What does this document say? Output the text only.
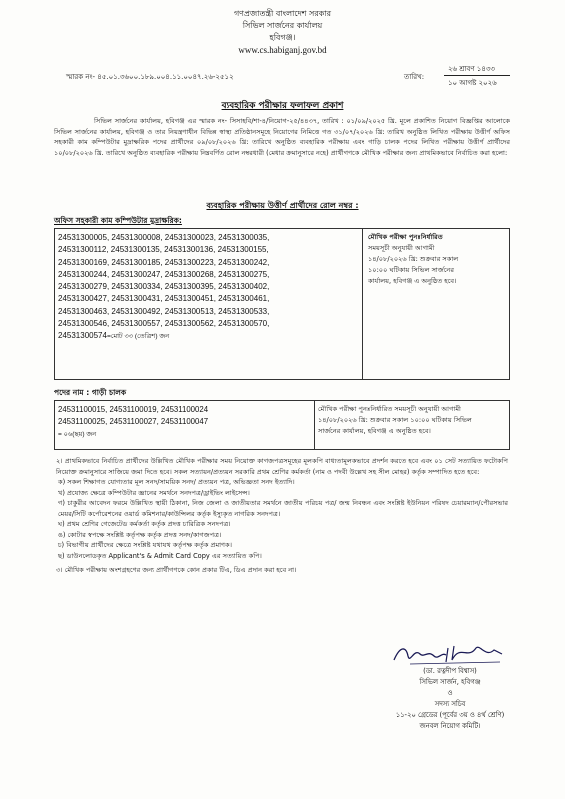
গণপ্রজাতন্ত্রী বাংলাদেশ সরকার
সিভিল সার্জনের কার্যালয়
হবিগঞ্জ।
www.cs.habiganj.gov.bd
স্মারক নং- ৪৫.০১.৩৬০০.১৮৯.০০৪.১১.০০৪৭.২৬-২৫১২	তারিখ:
২৬ শ্রাবণ ১৪৩৩
১০ আগষ্ট ২০২৬
ব্যবহারিক পরীক্ষার ফলাফল প্রকাশ
সিভিল সার্জনের কার্যালয়, হবিগঞ্জ এর স্মারক নং- সিসাহবি/শা-৪/নিয়োগ-২৫/৪৪৩৭, তারিখ : ০১/০৯/২০২৫ খ্রি. মূলে প্রকাশিত নিয়োগ বিজ্ঞপ্তির আলোকে সিভিল সার্জনের কার্যালয়, হবিগঞ্জ ও তার নিয়ন্ত্রণাধীন বিভিন্ন স্বাস্থ্য প্রতিষ্ঠানসমূহে নিয়োগের নিমিত্তে গত ৩১/০৭/২০২৬ খ্রি: তারিখ অনুষ্ঠিত লিখিত পরীক্ষায় উত্তীর্ণ অফিস সহকারী কাম কম্পিউটার মুদ্রাক্ষরিক পদের প্রার্থীদের ০৯/০৮/২০২৬ খ্রি: তারিখে অনুষ্ঠিত ব্যবহারিক পরীক্ষায় এবং গাড়ি চালক পদের লিখিত পরীক্ষায় উত্তীর্ণ প্রার্থীদের ১০/০৮/২০২৬ খ্রি. তারিখে অনুষ্ঠিত ব্যবহারিক পরীক্ষায় নিম্নবর্ণিত রোল নম্বরধারী (মেধার ক্রমানুসারে নহে) প্রার্থীগণকে মৌখিক পরীক্ষার জন্য প্রাথমিকভাবে নির্বাচিত করা হলো:
ব্যবহারিক পরীক্ষায় উত্তীর্ণ প্রার্থীদের রোল নম্বর :
অফিস সহকারী কাম কম্পিউটার মুদ্রাক্ষরিক:
24531300005, 24531300008, 24531300023, 24531300035,
24531300112, 24531300135, 24531300136, 24531300155,
24531300169, 24531300185, 24531300223, 24531300242,
24531300244, 24531300247, 24531300268, 24531300275,
24531300279, 24531300334, 24531300395, 24531300402,
24531300427, 24531300431, 24531300451, 24531300461,
24531300463, 24531300492, 24531300513, 24531300533,
24531300546, 24531300557, 24531300562, 24531300570,
24531300574=মোট ৩৩ (তেত্রিশ) জন
মৌখিক পরীক্ষা পুনঃনির্ধারিত
সময়সূচী অনুযায়ী আগামী
১৪/০৮/২০২৬ খ্রি: শুক্রবার সকাল
১০:০০ ঘটিকায় সিভিল সার্জনের
কার্যালয়, হবিগঞ্জ এ অনুষ্ঠিত হবে।
পদের নাম : গাড়ী চালক
24531100015, 24531100019, 24531100024
24531100025, 24531100027, 24531100047
= ০৬(ছয়) জন
মৌখিক পরীক্ষা পুনঃনির্ধারিত সময়সূচী অনুযায়ী আগামী
১৪/০৮/২০২৬ খ্রি: শুক্রবার সকাল ১০:০০ ঘটিকায় সিভিল
সার্জনের কার্যালয়, হবিগঞ্জ এ অনুষ্ঠিত হবে।
২। প্রাথমিকভাবে নির্বাচিত প্রার্থীদের উল্লিখিত মৌখিক পরীক্ষার সময় নিয়োক্ত কাগজপত্রসমূহের মূলকপি বাধ্যতামূলকভাবে প্রদর্শন করতে হবে এবং ০১ সেট সত্যায়িত ফটোকপি নিয়োক্ত ক্রমানুসারে সাজিয়ে জমা দিতে হবে। সকল সত্যায়ন/প্রত্যয়ন সরকারি প্রথম শ্রেণির কর্মকর্তা (নাম ও পদবী উল্লেখ সহ সীল মোহর) কর্তৃক সম্পাদিত হতে হবে:
ক) সকল শিক্ষাগত যোগ্যতার মূল সনদ/সাময়িক সনদ/ প্রত্যয়ন পত্র, অভিজ্ঞতা সনদ ইত্যাদি।
খ) প্রযোজ্য ক্ষেত্রে কম্পিউটার জ্ঞানের সমর্থনে সনদপত্র/ড্রাইভিং লাইসেন্স।
গ) চাকুরীর আবেদন ফরমে উল্লিখিত স্থায়ী ঠিকানা, নিজ জেলা ও জাতীয়তার সমর্থনে জাতীয় পরিচয় পত্র/ জন্ম নিবন্ধন এবং সংশ্লিষ্ট ইউনিয়ন পরিষদ চেয়ারম্যান/পৌরসভার মেয়র/সিটি কর্পোরেশনের ওয়ার্ড কমিশনার/কাউন্সিলর কর্তৃক ইস্যুকৃত নাগরিক সনদপত্র।
ঘ) প্রথম শ্রেণির গেজেটেড কর্মকর্তা কর্তৃক প্রদত্ত চারিত্রিক সনদপত্র।
ঙ) কোটার স্বপক্ষে সংশ্লিষ্ট কর্তৃপক্ষ কর্তৃক প্রদত্ত সনদ/কাগজপত্র।
চ) বিভাগীয় প্রার্থীদের ক্ষেত্রে সংশ্লিষ্ট যথাযথ কর্তৃপক্ষ কর্তৃক প্রমাণক।
ছ) ডাউনলোডকৃত Applicant's & Admit Card Copy এর সত্যায়িত কপি।
৩। মৌখিক পরীক্ষায় অংশগ্রহণের জন্য প্রার্থীগণকে কোন প্রকার টিএ, ডিএ প্রদান করা হবে না।
(ডা. রত্নদীপ বিশ্বাস)
সিভিল সার্জন, হবিগঞ্জ
ও
সদস্য সচিব
১১-২০ গ্রেডের (পূর্বের ৩য় ও ৪র্থ শ্রেণি)
জনবল নিয়োগ কমিটি।
